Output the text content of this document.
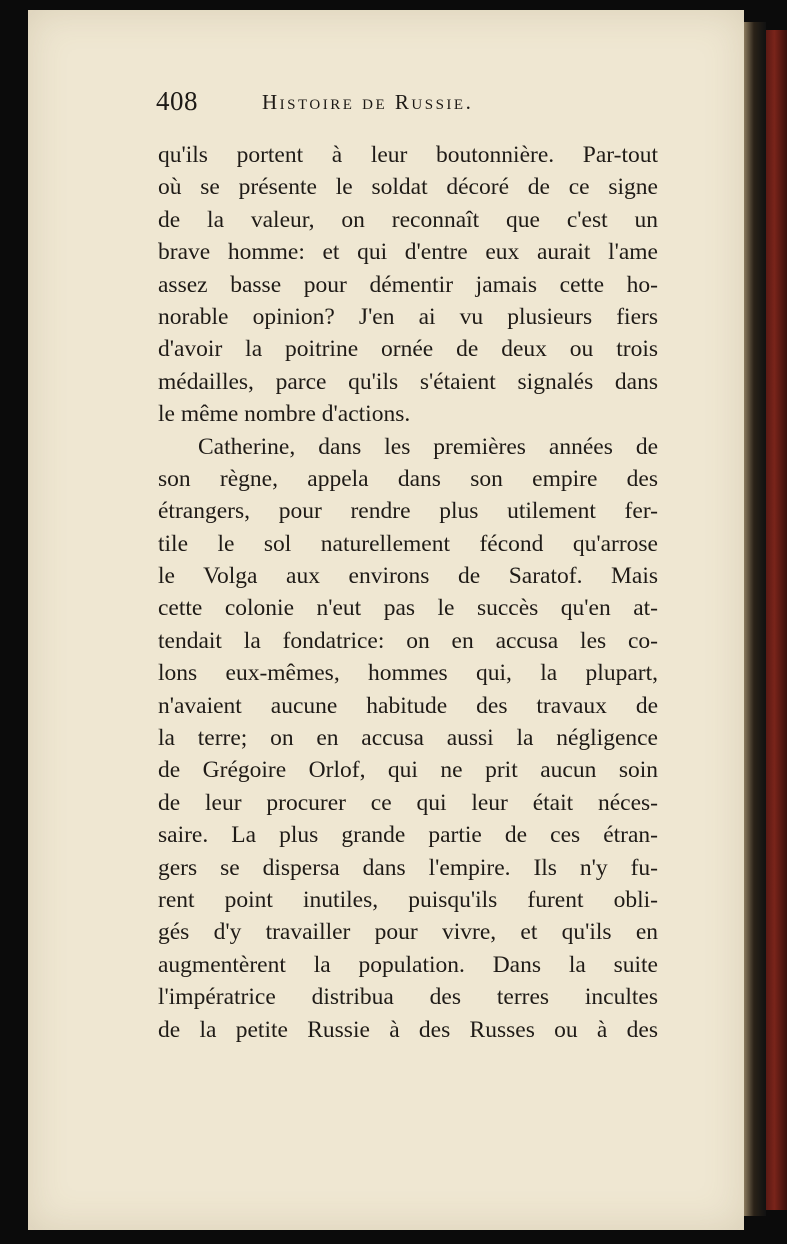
408	Histoire de Russie.
qu'ils portent à leur boutonnière. Par-tout
où se présente le soldat décoré de ce signe
de la valeur, on reconnaît que c'est un
brave homme: et qui d'entre eux aurait l'ame
assez basse pour démentir jamais cette ho-
norable opinion? J'en ai vu plusieurs fiers
d'avoir la poitrine ornée de deux ou trois
médailles, parce qu'ils s'étaient signalés dans
le même nombre d'actions.
Catherine, dans les premières années de
son règne, appela dans son empire des
étrangers, pour rendre plus utilement fer-
tile le sol naturellement fécond qu'arrose
le Volga aux environs de Saratof. Mais
cette colonie n'eut pas le succès qu'en at-
tendait la fondatrice: on en accusa les co-
lons eux-mêmes, hommes qui, la plupart,
n'avaient aucune habitude des travaux de
la terre; on en accusa aussi la négligence
de Grégoire Orlof, qui ne prit aucun soin
de leur procurer ce qui leur était néces-
saire. La plus grande partie de ces étran-
gers se dispersa dans l'empire. Ils n'y fu-
rent point inutiles, puisqu'ils furent obli-
gés d'y travailler pour vivre, et qu'ils en
augmentèrent la population. Dans la suite
l'impératrice distribua des terres incultes
de la petite Russie à des Russes ou à des
